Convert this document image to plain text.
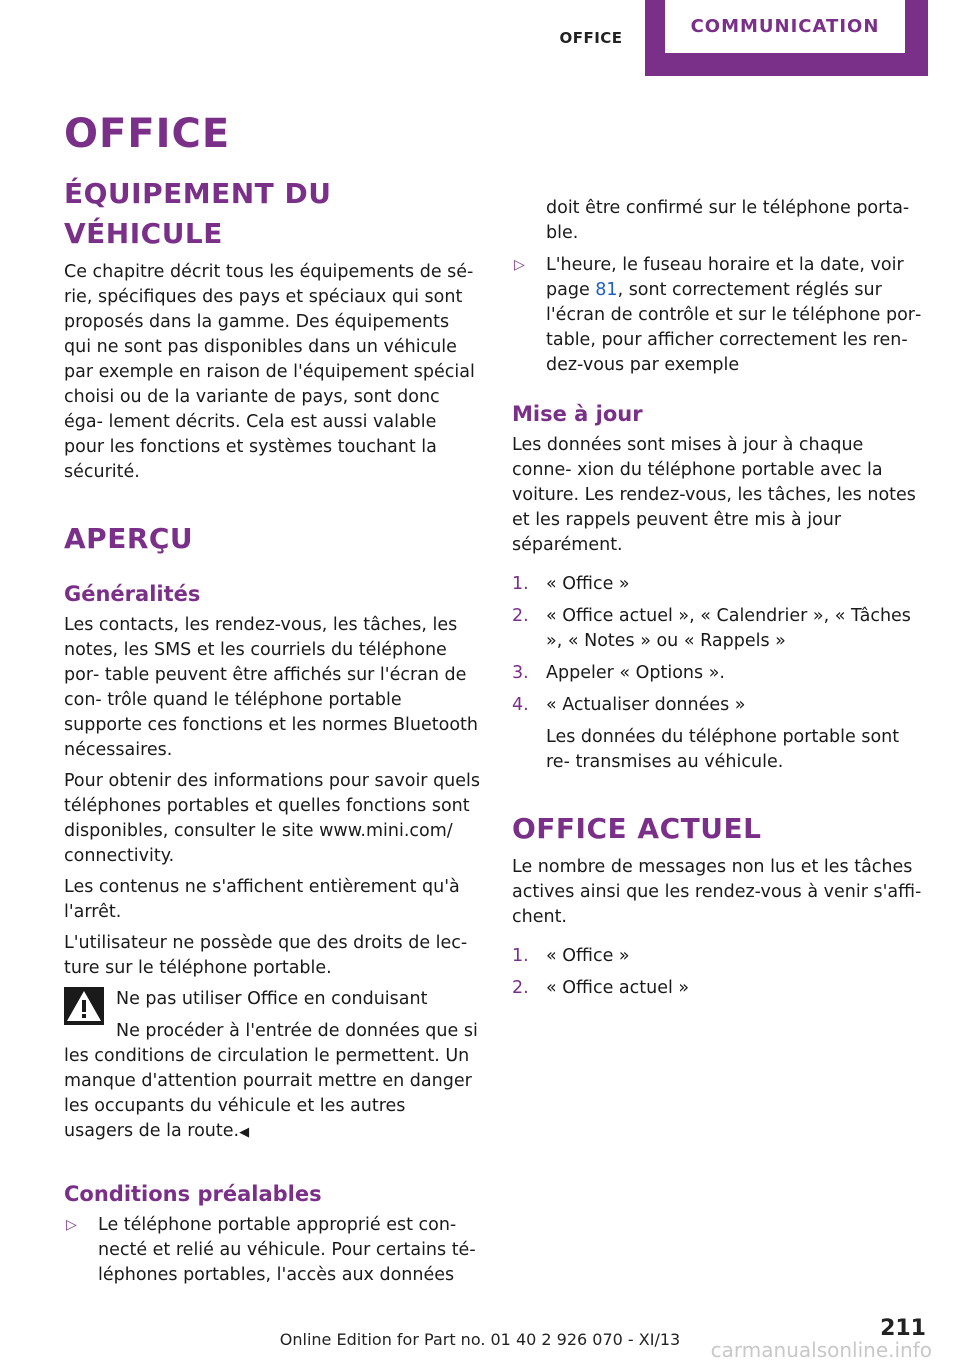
OFFICE
COMMUNICATION
OFFICE
ÉQUIPEMENT DU VÉHICULE

Ce chapitre décrit tous les équipements de sé‐ rie, spécifiques des pays et spéciaux qui sont proposés dans la gamme. Des équipements qui ne sont pas disponibles dans un véhicule par exemple en raison de l'équipement spécial choisi ou de la variante de pays, sont donc éga‐ lement décrits. Cela est aussi valable pour les fonctions et systèmes touchant la sécurité.

APERÇU
Généralités

Les contacts, les rendez-vous, les tâches, les notes, les SMS et les courriels du téléphone por‐ table peuvent être affichés sur l'écran de con‐ trôle quand le téléphone portable supporte ces fonctions et les normes Bluetooth nécessaires.

Pour obtenir des informations pour savoir quels téléphones portables et quelles fonctions sont disponibles, consulter le site www.mini.com/ connectivity.

Les contenus ne s'affichent entièrement qu'à l'arrêt.

L'utilisateur ne possède que des droits de lec‐ ture sur le téléphone portable.

Ne pas utiliser Office en conduisant
Ne procéder à l'entrée de données que si
les conditions de circulation le permettent. Un manque d'attention pourrait mettre en danger les occupants du véhicule et les autres usagers de la route.◀
Conditions préalables
▷ Le téléphone portable approprié est con‐ necté et relié au véhicule. Pour certains té‐ léphones portables, l'accès aux données

doit être confirmé sur le téléphone porta‐ ble.

▷ L'heure, le fuseau horaire et la date, voir page 81, sont correctement réglés sur l'écran de contrôle et sur le téléphone por‐ table, pour afficher correctement les ren‐ dez-vous par exemple
Mise à jour

Les données sont mises à jour à chaque conne‐ xion du téléphone portable avec la voiture. Les rendez-vous, les tâches, les notes et les rappels peuvent être mis à jour séparément.

1. « Office »
2. « Office actuel », « Calendrier », « Tâches », « Notes » ou « Rappels »
3. Appeler « Options ».
4. « Actualiser données »

Les données du téléphone portable sont re‐ transmises au véhicule.

OFFICE ACTUEL

Le nombre de messages non lus et les tâches actives ainsi que les rendez-vous à venir s'affi‐ chent.

1. « Office »
2. « Office actuel »
211
Online Edition for Part no. 01 40 2 926 070 - XI/13	carmanualsonline.info
